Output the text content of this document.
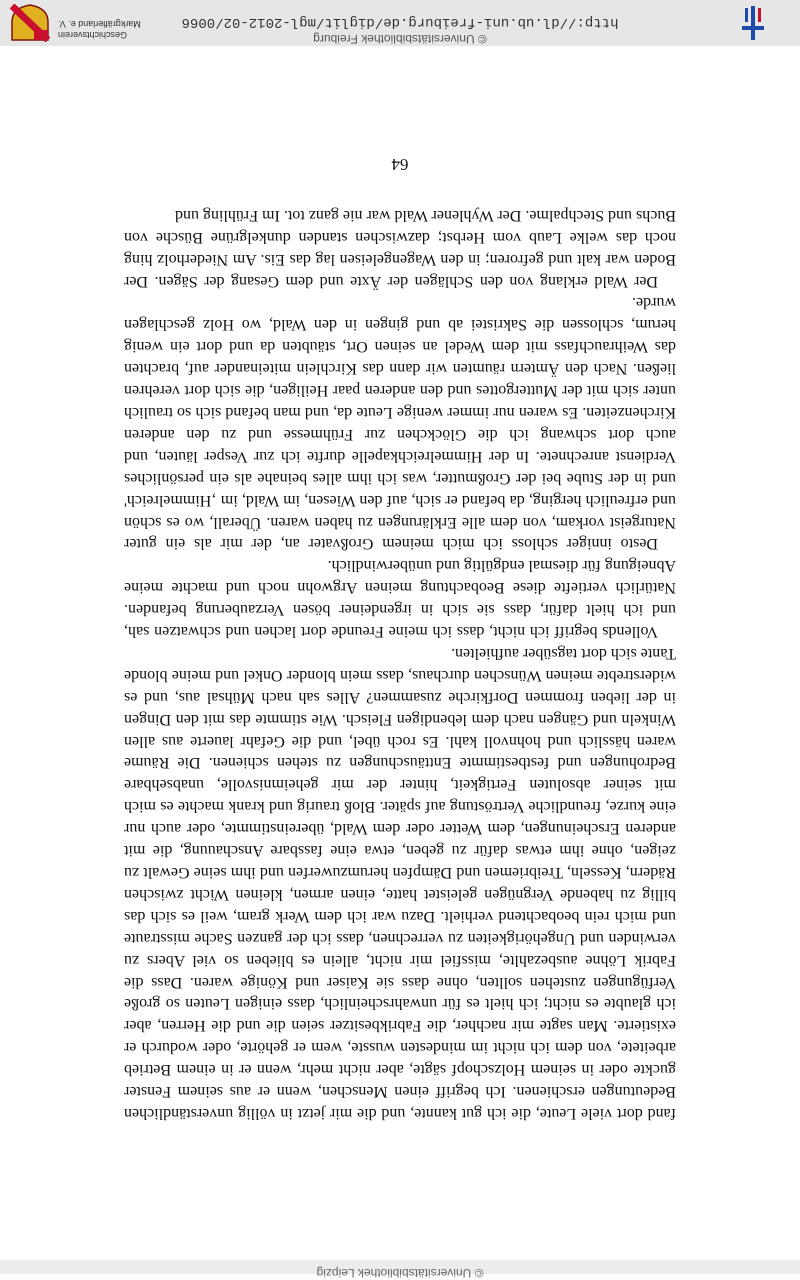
© Universitätsbibliothek Leipzig

fand dort viele Leute, die ich gut kannte, und die mir jetzt in völlig unverständlichen Bedeutungen erschienen. Ich begriff einen Menschen, wenn er aus seinem Fenster guckte oder in seinem Holzschopf sägte, aber nicht mehr, wenn er in einem Betrieb arbeitete, von dem ich nicht im mindesten wusste, wem er gehörte, oder wodurch er existierte. Man sagte mir nachher, die Fabrikbesitzer seien die und die Herren, aber ich glaubte es nicht; ich hielt es für unwahrscheinlich, dass einigen Leuten so große Verfügungen zustehen sollten, ohne dass sie Kaiser und Könige waren. Dass die Fabrik Löhne ausbezahlte, missfiel mir nicht, allein es blieben so viel Abers zu verwinden und Ungehörigkeiten zu verrechnen, dass ich der ganzen Sache misstraute und mich rein beobachtend verhielt. Dazu war ich dem Werk gram, weil es sich das billig zu habende Vergnügen geleistet hatte, einen armen, kleinen Wicht zwischen Rädern, Kesseln, Treibriemen und Dämpfen herumzuwerfen und ihm seine Gewalt zu zeigen, ohne ihm etwas dafür zu geben, etwa eine fassbare Anschauung, die mit anderen Erscheinungen, dem Wetter oder dem Wald, übereinstimmte, oder auch nur eine kurze, freundliche Vertröstung auf später. Bloß traurig und krank machte es mich mit seiner absoluten Fertigkeit, hinter der mir geheimnisvolle, unabsehbare Bedrohungen und festbestimmte Enttäuschungen zu stehen schienen. Die Räume waren hässlich und hohnvoll kahl. Es roch übel, und die Gefahr lauerte aus allen Winkeln und Gängen nach dem lebendigen Fleisch. Wie stimmte das mit den Dingen in der lieben frommen Dorfkirche zusammen? Alles sah nach Mühsal aus, und es widerstrebte meinen Wünschen durchaus, dass mein blonder Onkel und meine blonde Tante sich dort tagsüber aufhielten.

Vollends begriff ich nicht, dass ich meine Freunde dort lachen und schwatzen sah, und ich hielt dafür, dass sie sich in irgendeiner bösen Verzauberung befanden. Natürlich vertiefte diese Beobachtung meinen Argwohn noch und machte meine Abneigung für diesmal endgültig und unüberwindlich.

Desto inniger schloss ich mich meinem Großvater an, der mir als ein guter Naturgeist vorkam, von dem alle Erklärungen zu haben waren. Überall, wo es schön und erfreulich herging, da befand er sich, auf den Wiesen, im Wald, im ‚Himmelreich' und in der Stube bei der Großmutter, was ich ihm alles beinahe als ein persönliches Verdienst anrechnete. In der Himmelreichkapelle durfte ich zur Vesper läuten, und auch dort schwang ich die Glöckchen zur Frühmesse und zu den anderen Kirchenzeiten. Es waren nur immer wenige Leute da, und man befand sich so traulich unter sich mit der Muttergottes und den anderen paar Heiligen, die sich dort verehren ließen. Nach den Ämtern räumten wir dann das Kirchlein miteinander auf, brachten das Weihrauchfass mit dem Wedel an seinen Ort, stäubten da und dort ein wenig herum, schlossen die Sakristei ab und gingen in den Wald, wo Holz geschlagen wurde.

Der Wald erklang von den Schlägen der Äxte und dem Gesang der Sägen. Der Boden war kalt und gefroren; in den Wagengeleisen lag das Eis. Am Niederholz hing noch das welke Laub vom Herbst; dazwischen standen dunkelgrüne Büsche von Buchs und Stechpalme. Der Wyhlener Wald war nie ganz tot. Im Frühling und

64
© Universitätsbibliothek Freiburg
http://dl.ub.uni-freiburg.de/diglit/mgl-2012-02/0066
Geschichtsverein
Markgräflerland e. V.
